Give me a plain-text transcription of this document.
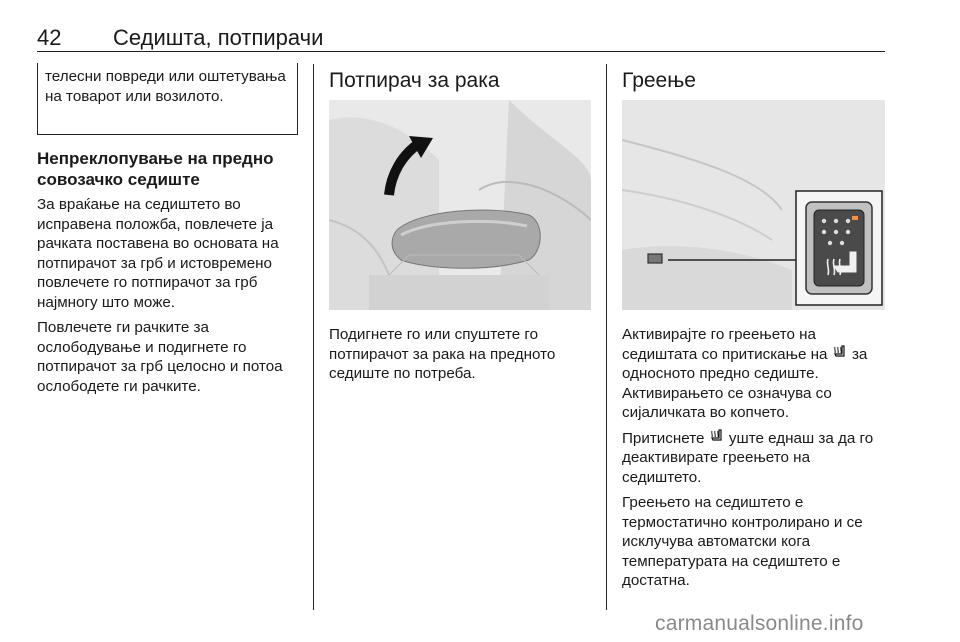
42 Седишта, потпирачи
телесни повреди или оштетувања на товарот или возилото.
Непреклопување на предно совозачко седиште

За враќање на седиштето во исправена положба, повлечете ја рачката поставена во основата на потпирачот за грб и истовремено повлечете го потпирачот за грб најмногу што може.

Повлечете ги рачките за ослободување и подигнете го потпирачот за грб целосно и потоа ослободете ги рачките.

Потпирач за рака
Подигнете го или спуштете го потпирачот за рака на предното седиште по потреба.
Греење

Активирајте го греењето на седиштата со притискање на за односното предно седиште. Активирањето се означува со сијаличката во копчето.

Притиснете уште еднаш за да го деактивирате греењето на седиштето.

Греењето на седиштето е термостатично контролирано и се исклучува автоматски кога температурата на седиштето е достатна.

carmanualsonline.info
